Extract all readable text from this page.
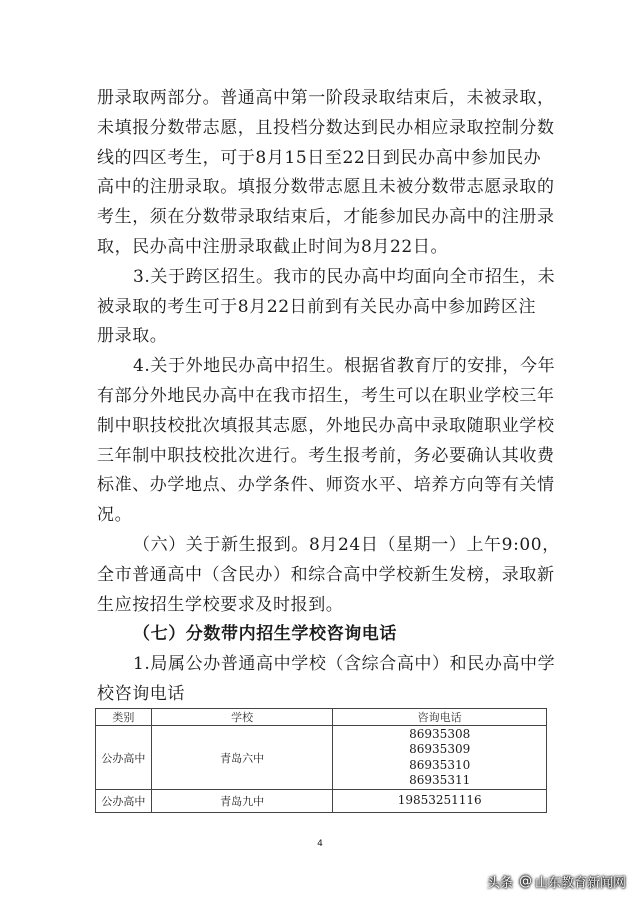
册录取两部分。普通高中第一阶段录取结束后，未被录取，
未填报分数带志愿，且投档分数达到民办相应录取控制分数
线的四区考生，可于8月15日至22日到民办高中参加民办
高中的注册录取。填报分数带志愿且未被分数带志愿录取的
考生，须在分数带录取结束后，才能参加民办高中的注册录
取，民办高中注册录取截止时间为8月22日。
3.关于跨区招生。我市的民办高中均面向全市招生，未
被录取的考生可于8月22日前到有关民办高中参加跨区注
册录取。
4.关于外地民办高中招生。根据省教育厅的安排，今年
有部分外地民办高中在我市招生，考生可以在职业学校三年
制中职技校批次填报其志愿，外地民办高中录取随职业学校
三年制中职技校批次进行。考生报考前，务必要确认其收费
标准、办学地点、办学条件、师资水平、培养方向等有关情
况。
（六）关于新生报到。8月24日（星期一）上午9:00，
全市普通高中（含民办）和综合高中学校新生发榜，录取新
生应按招生学校要求及时报到。
（七）分数带内招生学校咨询电话
1.局属公办普通高中学校（含综合高中）和民办高中学
校咨询电话
类别	学校	咨询电话
公办高中	青岛六中	86935308
86935309
86935310
86935311

公办高中	青岛九中	19853251116
4
头条 @ 山东教育新闻网
